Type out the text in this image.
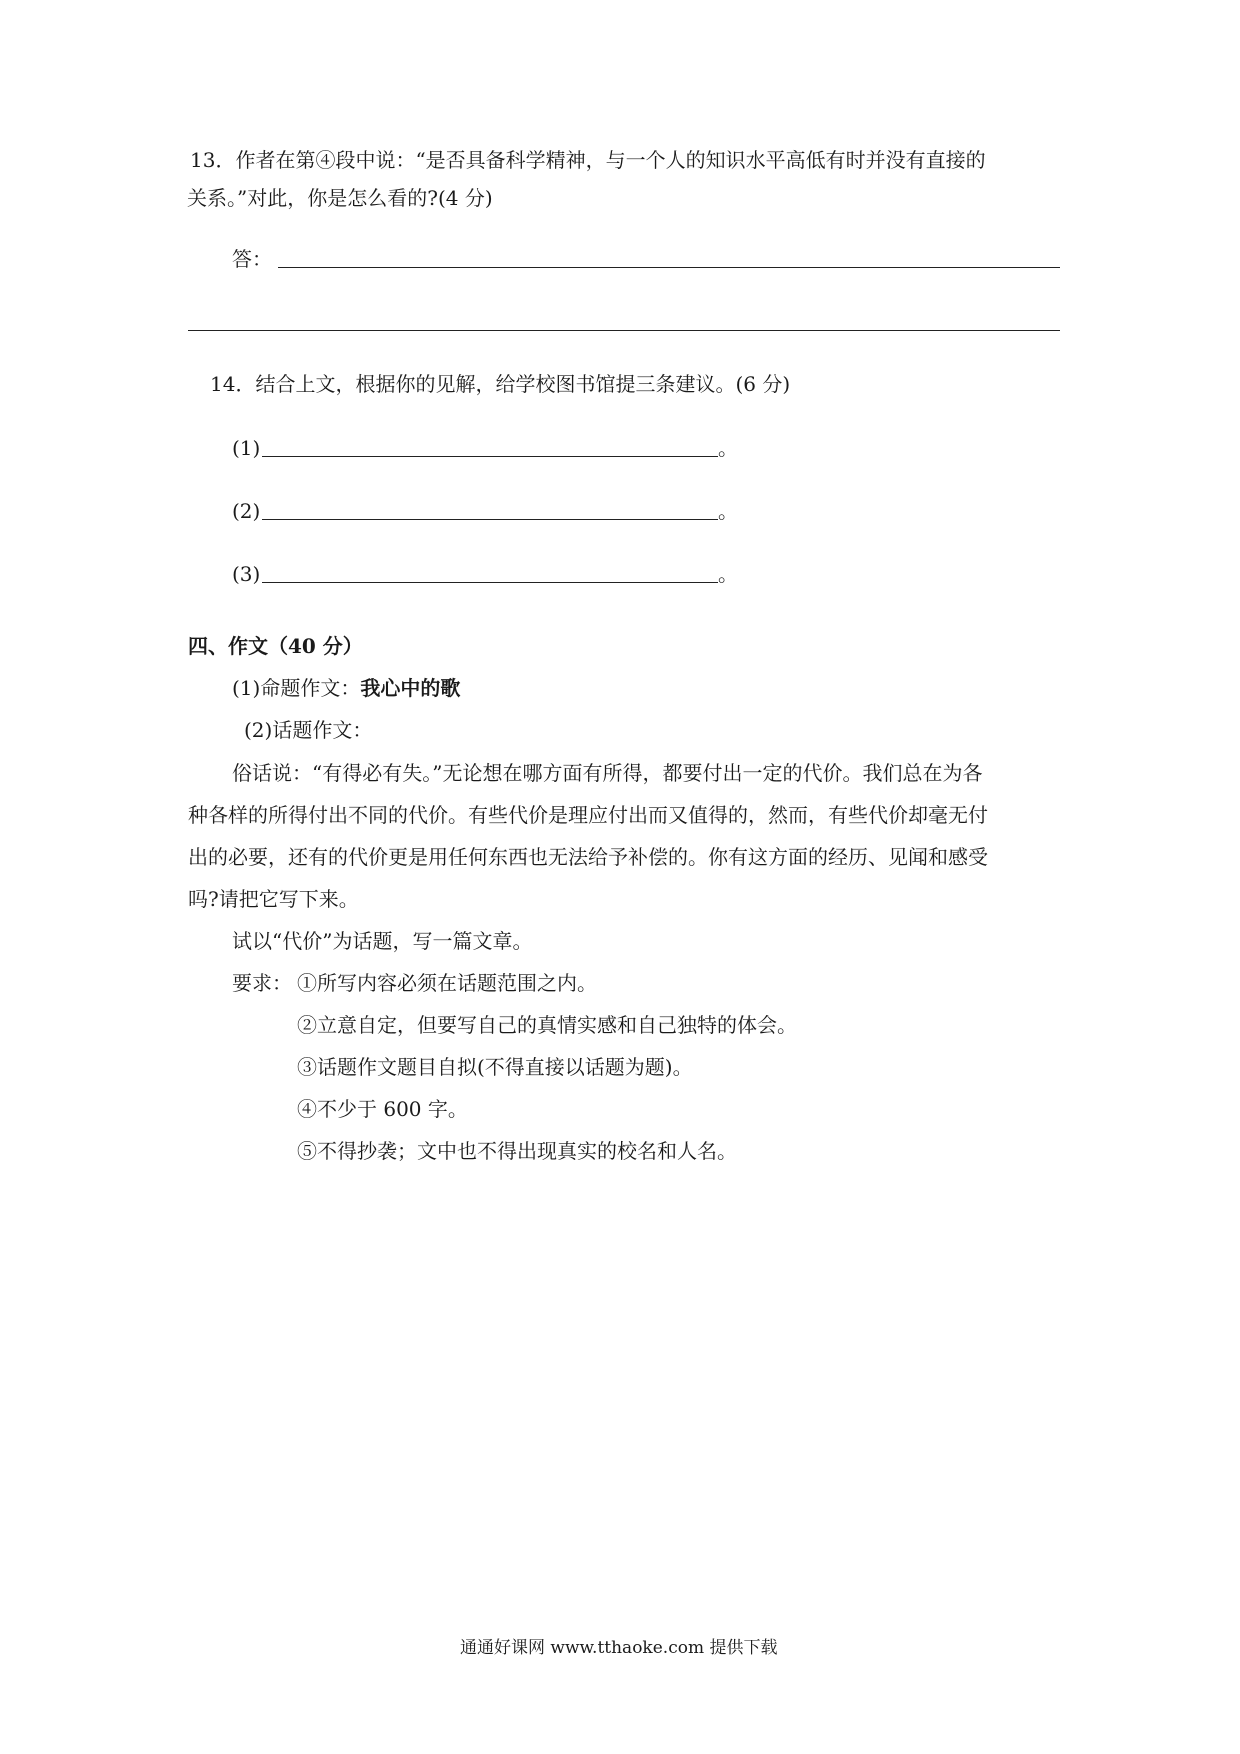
13．作者在第④段中说：“是否具备科学精神，与一个人的知识水平高低有时并没有直接的
关系。”对此，你是怎么看的?(4 分)
答：
14．结合上文，根据你的见解，给学校图书馆提三条建议。(6 分)
(1)	。
(2)	。
(3)	。
四、作文（40 分）
(1)命题作文：我心中的歌
(2)话题作文：
俗话说：“有得必有失。”无论想在哪方面有所得，都要付出一定的代价。我们总在为各
种各样的所得付出不同的代价。有些代价是理应付出而又值得的，然而，有些代价却毫无付
出的必要，还有的代价更是用任何东西也无法给予补偿的。你有这方面的经历、见闻和感受
吗?请把它写下来。
试以“代价”为话题，写一篇文章。
要求： ①所写内容必须在话题范围之内。
②立意自定，但要写自己的真情实感和自己独特的体会。
③话题作文题目自拟(不得直接以话题为题)。
④不少于 600 字。
⑤不得抄袭；文中也不得出现真实的校名和人名。
通通好课网 www.tthaoke.com 提供下载
